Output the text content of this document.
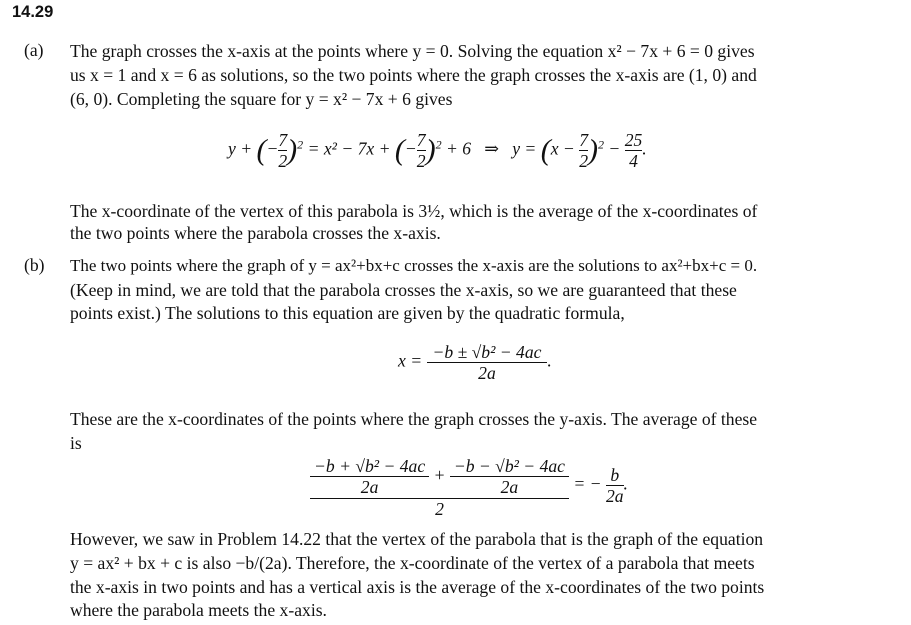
14.29
(a) The graph crosses the x-axis at the points where y = 0. Solving the equation x² − 7x + 6 = 0 gives
us x = 1 and x = 6 as solutions, so the two points where the graph crosses the x-axis are (1, 0) and
(6, 0). Completing the square for y = x² − 7x + 6 gives
y + (− $\frac{7}{2} )^2 = x^2 - 7x$ + (− $\frac{7}{2} )^2 + 6$ ⇒ $y = (x - \frac{7}{2} )^2 - \frac{25}{4}$ .
The x-coordinate of the vertex of this parabola is 3½, which is the average of the x-coordinates of
the two points where the parabola crosses the x-axis.
(b) The two points where the graph of y = ax²+bx+c crosses the x-axis are the solutions to ax²+bx+c = 0.
(Keep in mind, we are told that the parabola crosses the x-axis, so we are guaranteed that these
points exist.) The solutions to this equation are given by the quadratic formula,
$x = \frac{\text{−b ± √b² − 4ac}}{2a}$ .
These are the x-coordinates of the points where the graph crosses the y-axis. The average of these
is
$\frac{\frac{\text{−b + √b² − 4ac}}{2a} + \frac{\text{−b − √b² − 4ac}}{2a}}{2}$ = − $\frac{b}{2a}$ .
However, we saw in Problem 14.22 that the vertex of the parabola that is the graph of the equation
y = ax² + bx + c is also −b/(2a). Therefore, the x-coordinate of the vertex of a parabola that meets
the x-axis in two points and has a vertical axis is the average of the x-coordinates of the two points
where the parabola meets the x-axis.
